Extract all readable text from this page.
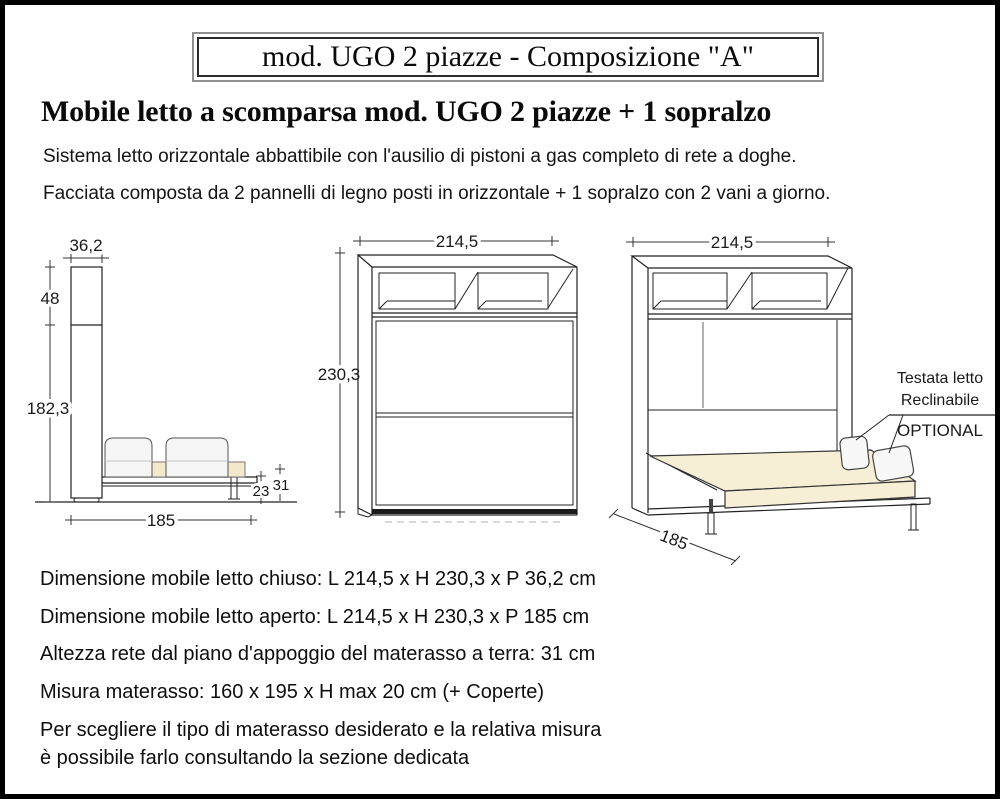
mod. UGO 2 piazze - Composizione "A"
Mobile letto a scomparsa mod. UGO 2 piazze + 1 sopralzo
Sistema letto orizzontale abbattibile con l'ausilio di pistoni a gas completo di rete a doghe.
Facciata composta da 2 pannelli di legno posti in orizzontale + 1 sopralzo con 2 vani a giorno.
36,2
48
182,3
23 31
185
214,5
230,3
214,5
Testata letto
Reclinabile
OPTIONAL
185
Dimensione mobile letto chiuso: L 214,5 x H 230,3 x P 36,2 cm
Dimensione mobile letto aperto: L 214,5 x H 230,3 x P 185 cm
Altezza rete dal piano d'appoggio del materasso a terra: 31 cm
Misura materasso: 160 x 195 x H max 20 cm (+ Coperte)
Per scegliere il tipo di materasso desiderato e la relativa misura
è possibile farlo consultando la sezione dedicata
